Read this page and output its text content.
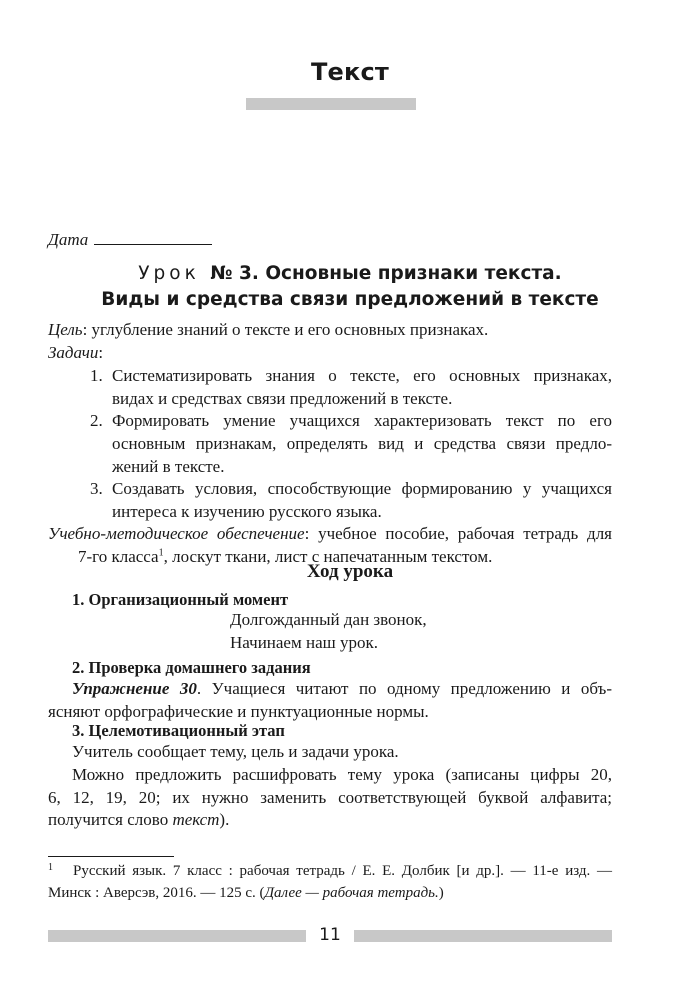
Текст
Дата
Урок № 3. Основные признаки текста.
Виды и средства связи предложений в тексте
Цель: углубление знаний о тексте и его основных признаках.
Задачи:
1. Систематизировать знания о тексте, его основных признаках,
видах и средствах связи предложений в тексте.
2. Формировать умение учащихся характеризовать текст по его
основным признакам, определять вид и средства связи предло-
жений в тексте.
3. Создавать условия, способствующие формированию у учащихся
интереса к изучению русского языка.
Учебно-методическое обеспечение: учебное пособие, рабочая тетрадь для
7-го класса$^1$, лоскут ткани, лист с напечатанным текстом.
Ход урока
1. Организационный момент
Долгожданный дан звонок,
Начинаем наш урок.
2. Проверка домашнего задания
Упражнение 30. Учащиеся читают по одному предложению и объ-
ясняют орфографические и пунктуационные нормы.
3. Целемотивационный этап
Учитель сообщает тему, цель и задачи урока.
Можно предложить расшифровать тему урока (записаны цифры 20,
6, 12, 19, 20; их нужно заменить соответствующей буквой алфавита;
получится слово текст).
$^1$ Русский язык. 7 класс : рабочая тетрадь / Е. Е. Долбик [и др.]. — 11-е изд. —
Минск : Аверсэв, 2016. — 125 с. (Далее — рабочая тетрадь.)
11
